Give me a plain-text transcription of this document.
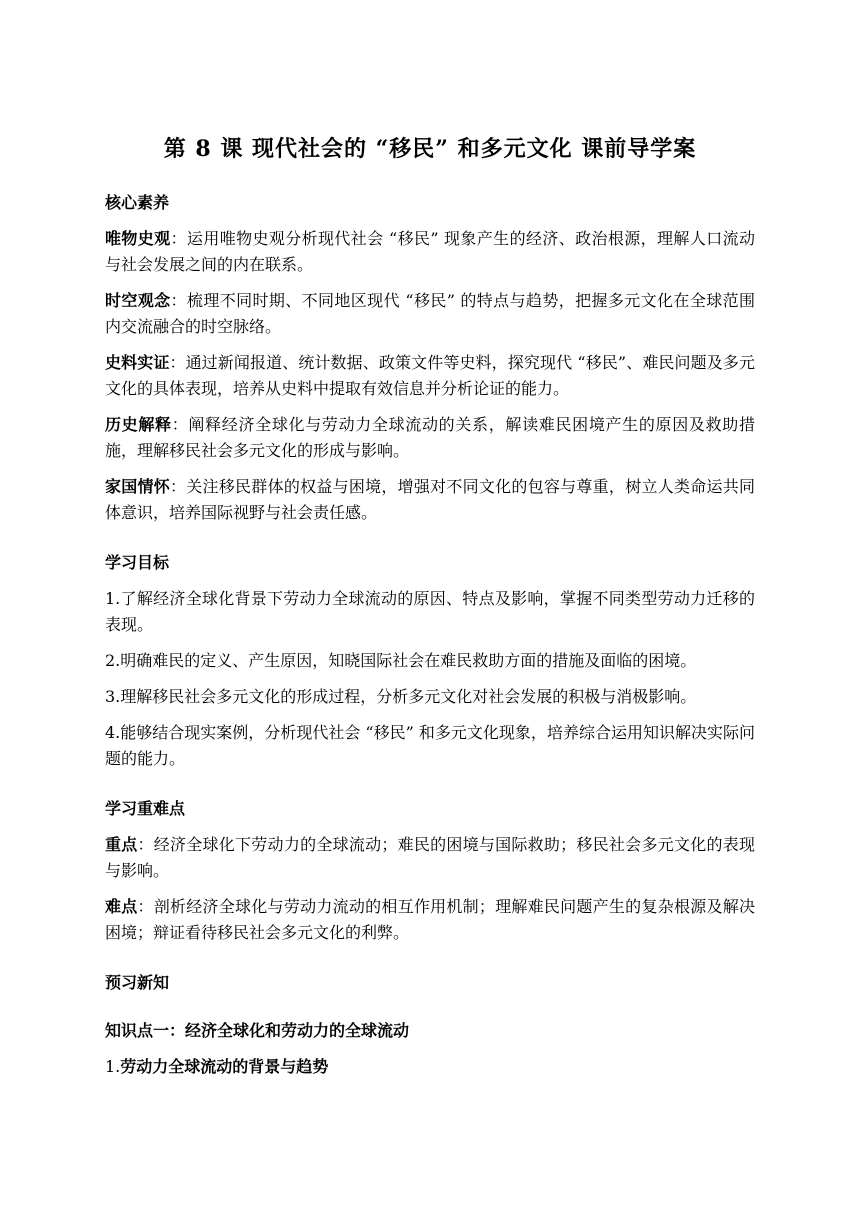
第 8 课 现代社会的 “移民” 和多元文化 课前导学案

核心素养

唯物史观：运用唯物史观分析现代社会 “移民” 现象产生的经济、政治根源，理解人口流动与社会发展之间的内在联系。

时空观念：梳理不同时期、不同地区现代 “移民” 的特点与趋势，把握多元文化在全球范围内交流融合的时空脉络。

史料实证：通过新闻报道、统计数据、政策文件等史料，探究现代 “移民”、难民问题及多元文化的具体表现，培养从史料中提取有效信息并分析论证的能力。

历史解释：阐释经济全球化与劳动力全球流动的关系，解读难民困境产生的原因及救助措施，理解移民社会多元文化的形成与影响。

家国情怀：关注移民群体的权益与困境，增强对不同文化的包容与尊重，树立人类命运共同体意识，培养国际视野与社会责任感。

学习目标

1.了解经济全球化背景下劳动力全球流动的原因、特点及影响，掌握不同类型劳动力迁移的表现。

2.明确难民的定义、产生原因，知晓国际社会在难民救助方面的措施及面临的困境。

3.理解移民社会多元文化的形成过程，分析多元文化对社会发展的积极与消极影响。

4.能够结合现实案例，分析现代社会 “移民” 和多元文化现象，培养综合运用知识解决实际问题的能力。

学习重难点

重点：经济全球化下劳动力的全球流动；难民的困境与国际救助；移民社会多元文化的表现与影响。

难点：剖析经济全球化与劳动力流动的相互作用机制；理解难民问题产生的复杂根源及解决困境；辩证看待移民社会多元文化的利弊。

预习新知

知识点一：经济全球化和劳动力的全球流动

1.劳动力全球流动的背景与趋势
